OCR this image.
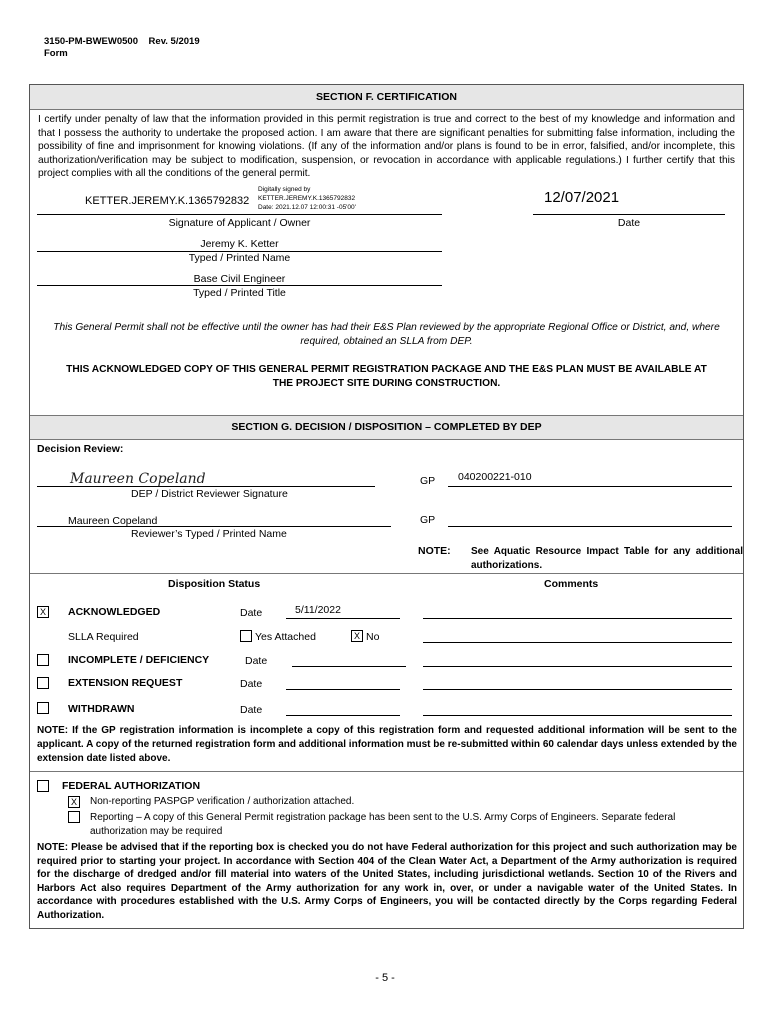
3150-PM-BWEW0500 Rev. 5/2019
Form
SECTION F. CERTIFICATION
I certify under penalty of law that the information provided in this permit registration is true and correct to the best of my knowledge and information and that I possess the authority to undertake the proposed action. I am aware that there are significant penalties for submitting false information, including the possibility of fine and imprisonment for knowing violations. (If any of the information and/or plans is found to be in error, falsified, and/or incomplete, this authorization/verification may be subject to modification, suspension, or revocation in accordance with applicable regulations.) I further certify that this project complies with all the conditions of the general permit.
KETTER.JEREMY.K.1365792832
Digitally signed by
KETTER.JEREMY.K.1365792832
Date: 2021.12.07 12:00:31 -05'00'
12/07/2021
Signature of Applicant / Owner	Date
Jeremy K. Ketter
Typed / Printed Name
Base Civil Engineer
Typed / Printed Title
This General Permit shall not be effective until the owner has had their E&S Plan reviewed by the appropriate Regional Office or District, and, where required, obtained an SLLA from DEP.
THIS ACKNOWLEDGED COPY OF THIS GENERAL PERMIT REGISTRATION PACKAGE AND THE E&S PLAN MUST BE AVAILABLE AT THE PROJECT SITE DURING CONSTRUCTION.
SECTION G. DECISION / DISPOSITION – COMPLETED BY DEP
Decision Review:
Maureen Copeland
DEP / District Reviewer Signature
GP 040200221-010
Maureen Copeland
Reviewer’s Typed / Printed Name
GP
NOTE: See Aquatic Resource Impact Table for any additional authorizations.
Disposition Status	Comments
X ACKNOWLEDGED	Date	5/11/2022
SLLA Required	Yes Attached	X No
INCOMPLETE / DEFICIENCY	Date
EXTENSION REQUEST	Date
WITHDRAWN	Date
NOTE: If the GP registration information is incomplete a copy of this registration form and requested additional information will be sent to the applicant. A copy of the returned registration form and additional information must be re-submitted within 60 calendar days unless extended by the extension date listed above.
FEDERAL AUTHORIZATION
X	Non-reporting PASPGP verification / authorization attached.
Reporting – A copy of this General Permit registration package has been sent to the U.S. Army Corps of Engineers. Separate federal authorization may be required
NOTE: Please be advised that if the reporting box is checked you do not have Federal authorization for this project and such authorization may be required prior to starting your project. In accordance with Section 404 of the Clean Water Act, a Department of the Army authorization is required for the discharge of dredged and/or fill material into waters of the United States, including jurisdictional wetlands. Section 10 of the Rivers and Harbors Act also requires Department of the Army authorization for any work in, over, or under a navigable water of the United States. In accordance with procedures established with the U.S. Army Corps of Engineers, you will be contacted directly by the Corps regarding Federal Authorization.
- 5 -
